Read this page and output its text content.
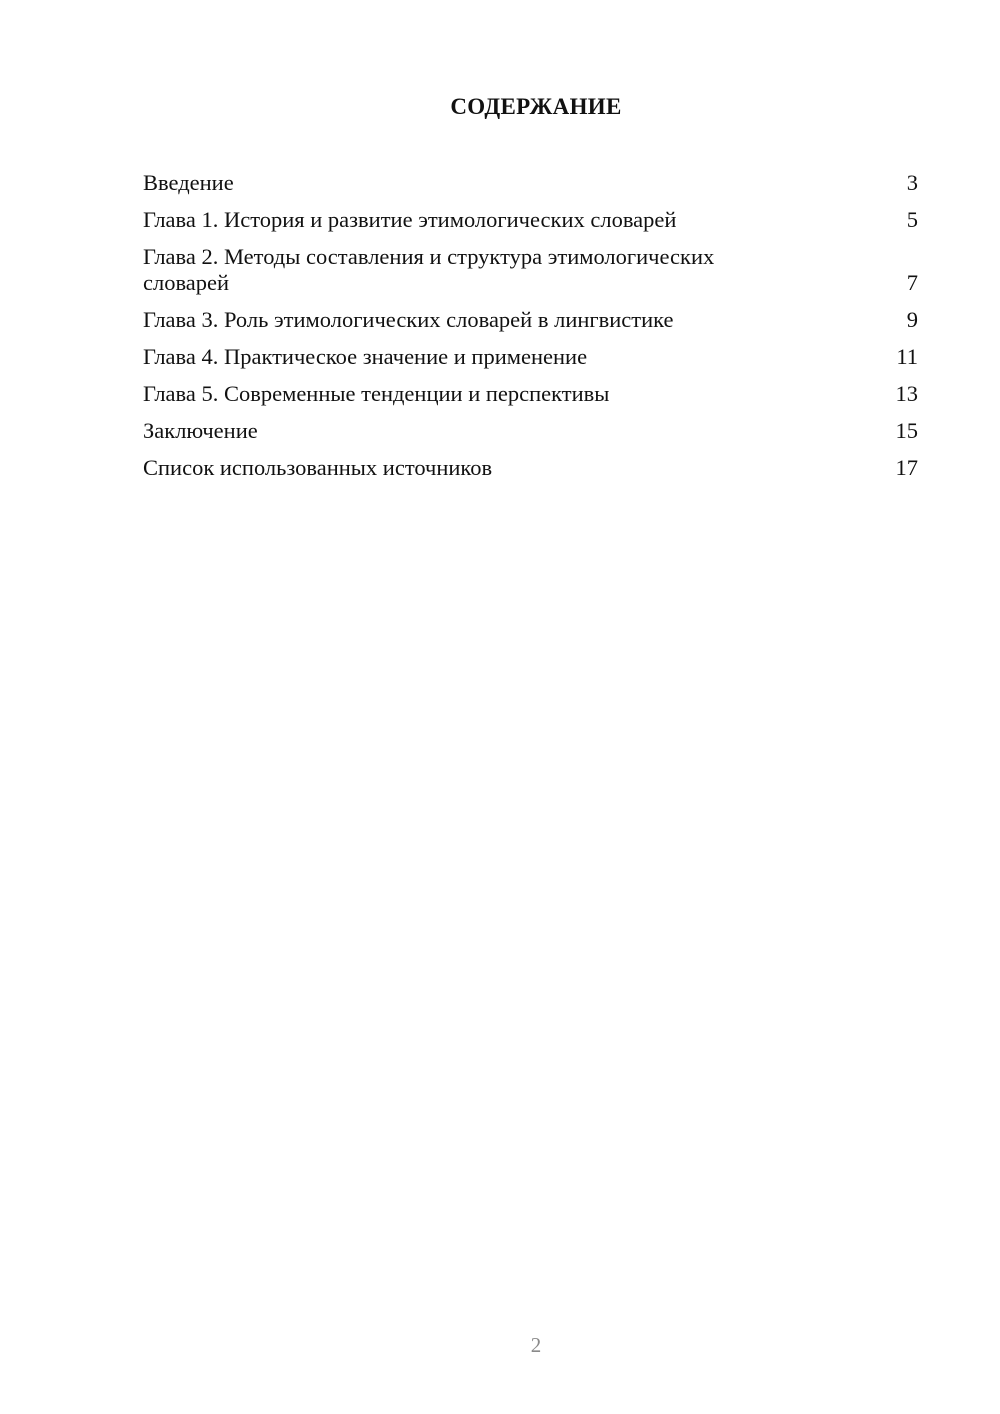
СОДЕРЖАНИЕ
Введение	3
Глава 1. История и развитие этимологических словарей	5
Глава 2. Методы составления и структура этимологических словарей	7
Глава 3. Роль этимологических словарей в лингвистике	9
Глава 4. Практическое значение и применение	11
Глава 5. Современные тенденции и перспективы	13
Заключение	15
Список использованных источников	17
2
